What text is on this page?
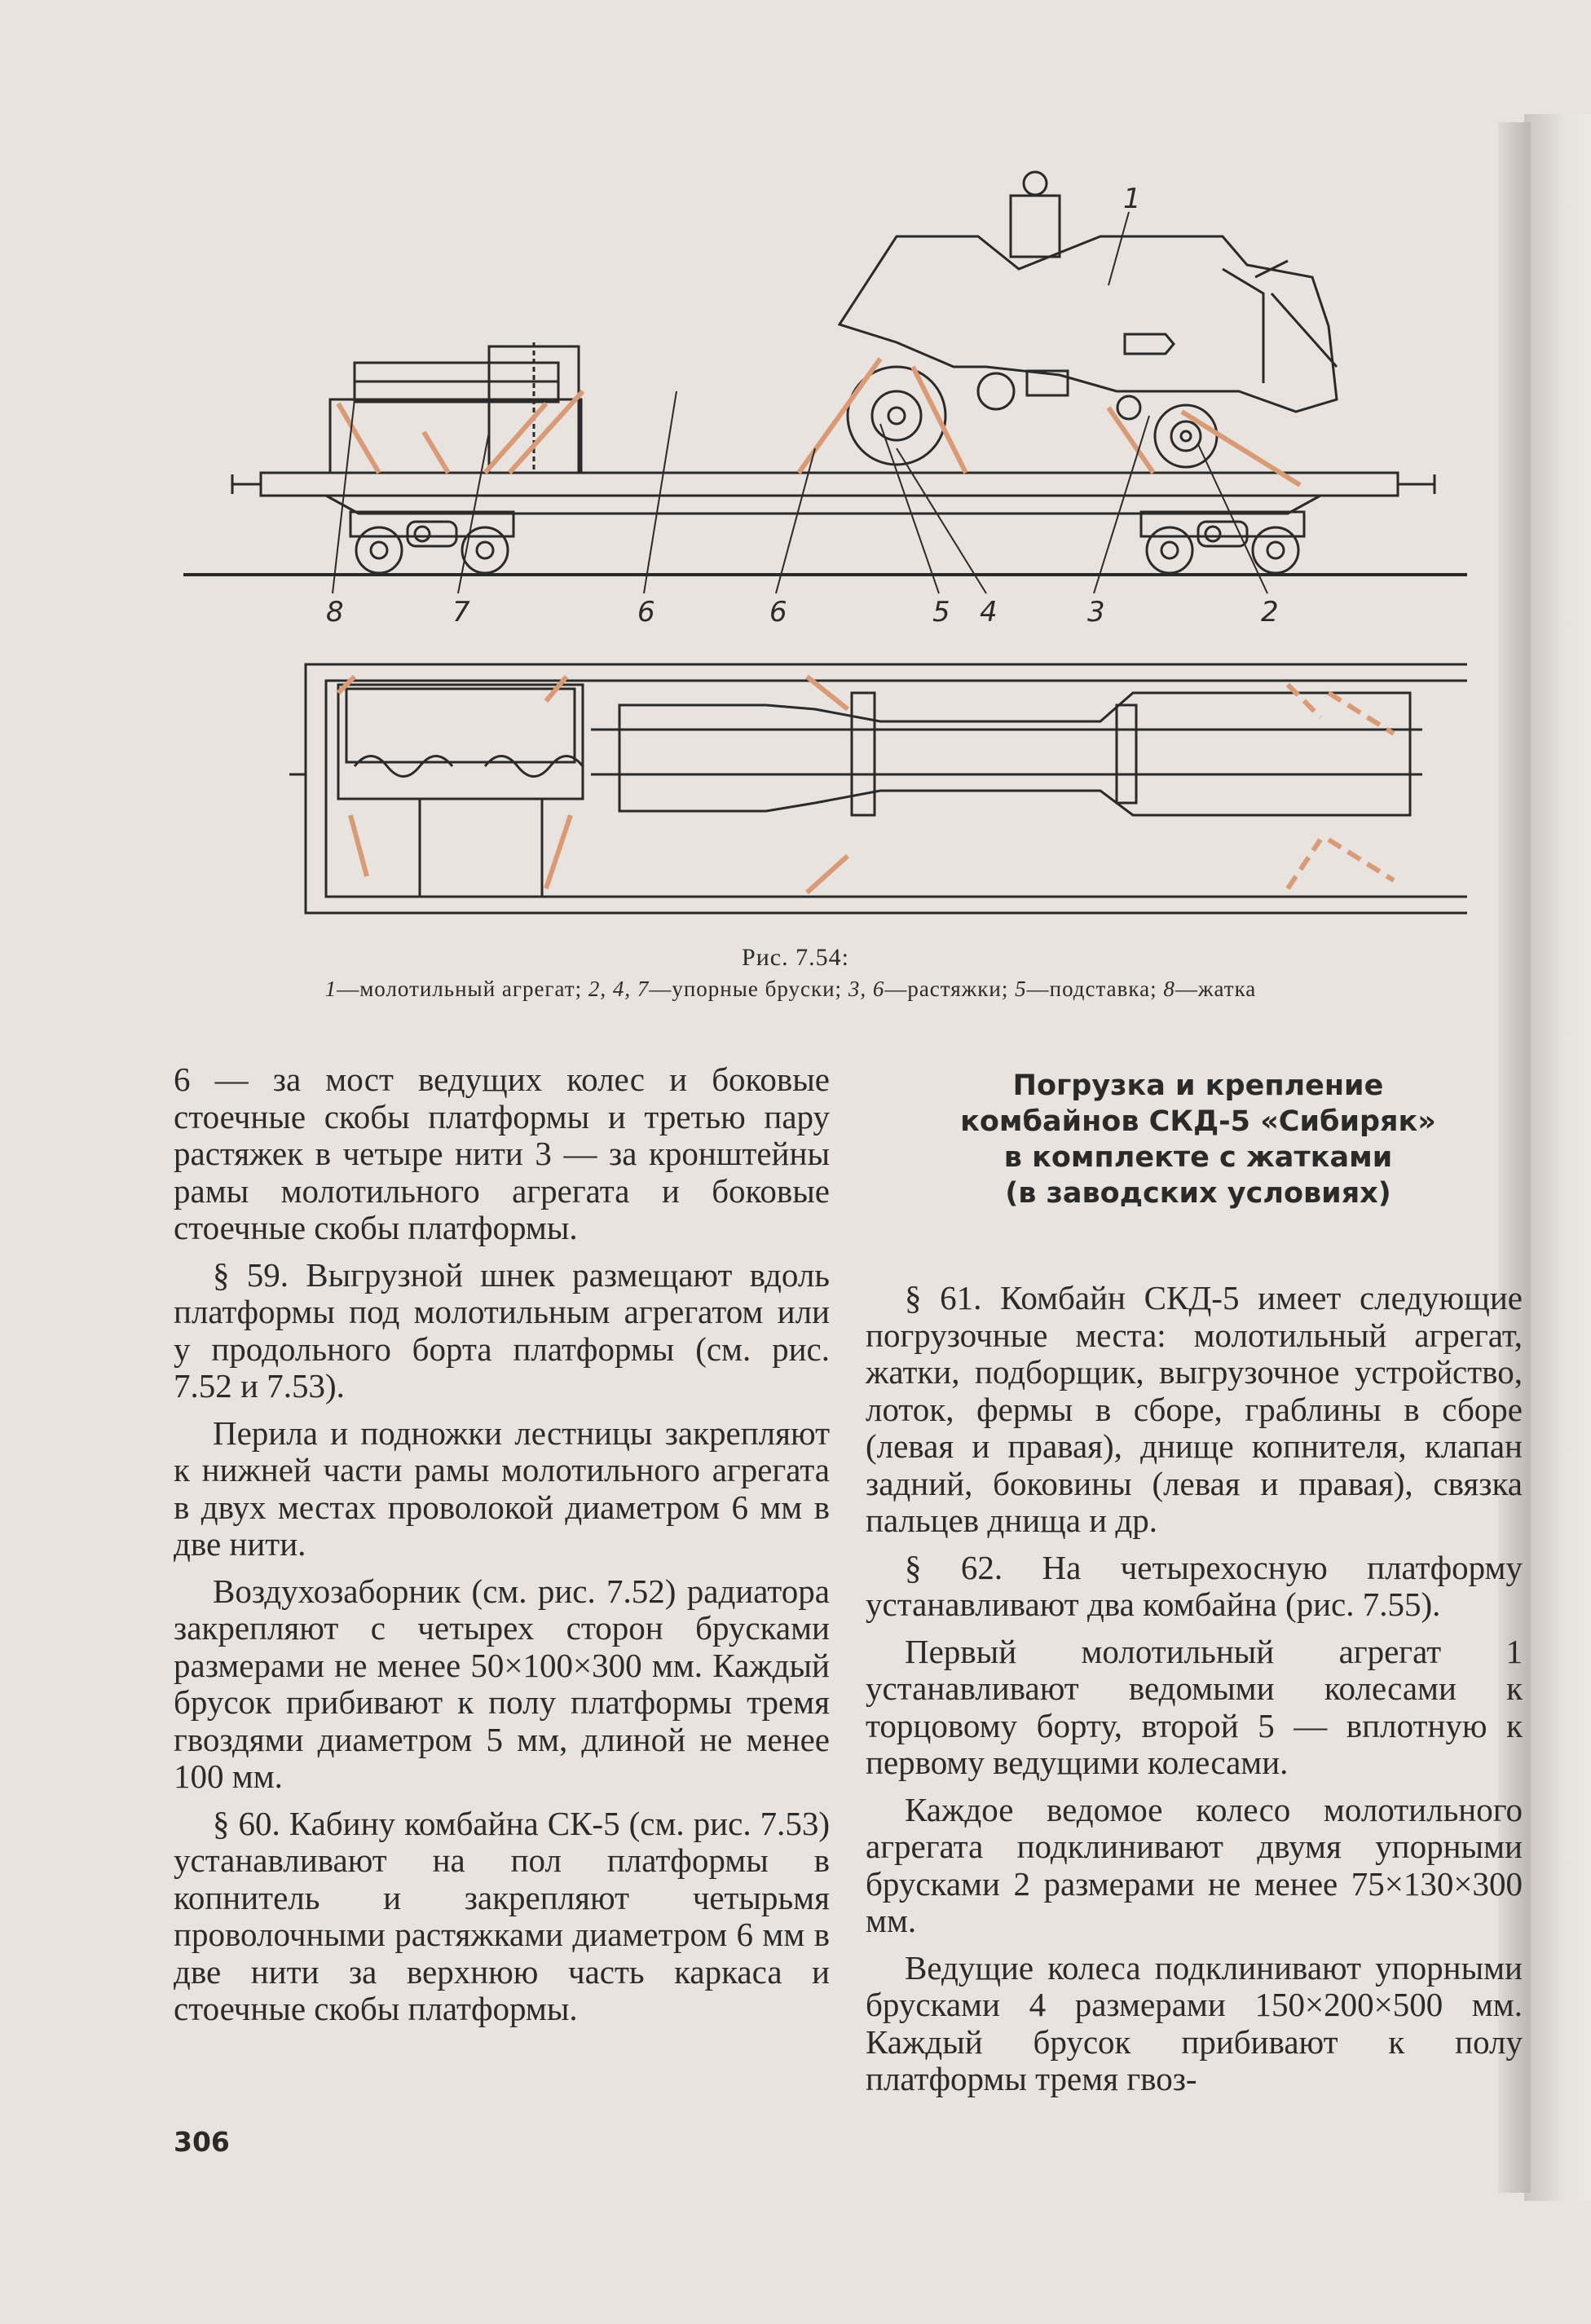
8	7	6	6	5 4	3	2
1
Рис. 7.54:
1—молотильный агрегат; 2, 4, 7—упорные бруски; 3, 6—растяжки; 5—подставка; 8—жатка

6 — за мост ведущих колес и боковые стоечные скобы платформы и третью пару растяжек в четыре нити 3 — за кронштейны рамы молотильного агрегата и боковые стоечные скобы платформы.

§ 59. Выгрузной шнек размещают вдоль платформы под молотильным агрегатом или у продольного борта платформы (см. рис. 7.52 и 7.53).

Перила и подножки лестницы закрепляют к нижней части рамы молотильного агрегата в двух местах проволокой диаметром 6 мм в две нити.

Воздухозаборник (см. рис. 7.52) радиатора закрепляют с четырех сторон брусками размерами не менее 50×100×300 мм. Каждый брусок прибивают к полу платформы тремя гвоздями диаметром 5 мм, длиной не менее 100 мм.

§ 60. Кабину комбайна СК-5 (см. рис. 7.53) устанавливают на пол платформы в копнитель и закрепляют четырьмя проволочными растяжками диаметром 6 мм в две нити за верхнюю часть каркаса и стоечные скобы платформы.

Погрузка и крепление
комбайнов СКД-5 «Сибиряк»
в комплекте с жатками
(в заводских условиях)

§ 61. Комбайн СКД-5 имеет следующие погрузочные места: молотильный агрегат, жатки, подборщик, выгрузочное устройство, лоток, фермы в сборе, граблины в сборе (левая и правая), днище копнителя, клапан задний, боковины (левая и правая), связка пальцев днища и др.

§ 62. На четырехосную платформу устанавливают два комбайна (рис. 7.55).

Первый молотильный агрегат 1 устанавливают ведомыми колесами к торцовому борту, второй 5 — вплотную к первому ведущими колесами.

Каждое ведомое колесо молотильного агрегата подклинивают двумя упорными брусками 2 размерами не менее 75×130×300 мм.

Ведущие колеса подклинивают упорными брусками 4 размерами 150×200×500 мм. Каждый брусок прибивают к полу платформы тремя гвоз-

306
